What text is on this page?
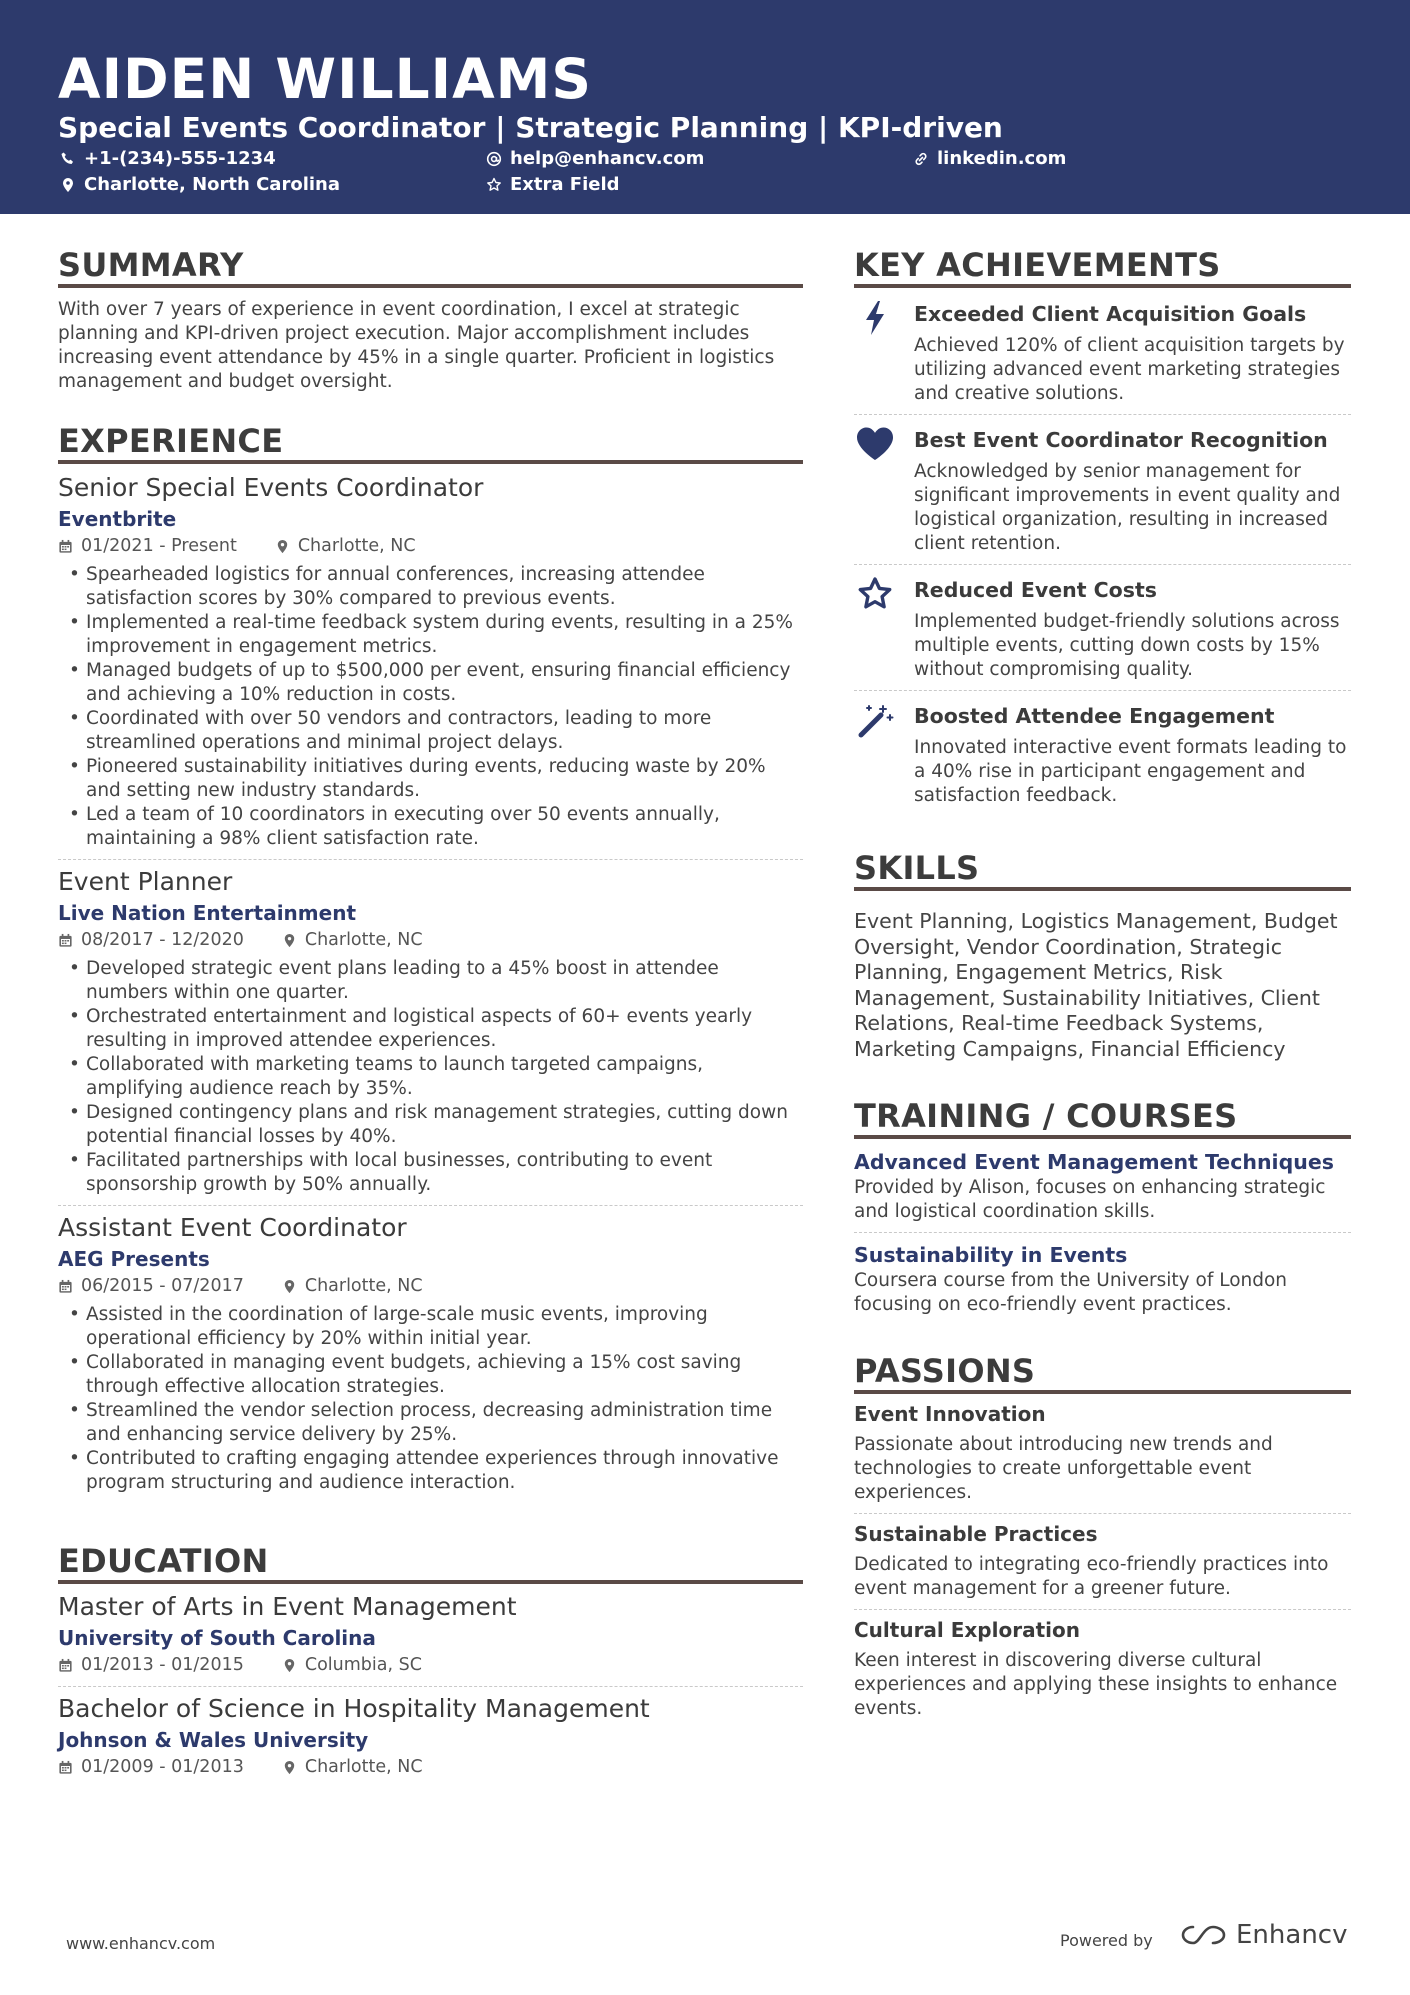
AIDEN WILLIAMS
Special Events Coordinator | Strategic Planning | KPI-driven
+1-(234)-555-1234	help@enhancv.com	linkedin.com
Charlotte, North Carolina	Extra Field
SUMMARY
With over 7 years of experience in event coordination, I excel at strategic planning and KPI-driven project execution. Major accomplishment includes increasing event attendance by 45% in a single quarter. Proficient in logistics management and budget oversight.
EXPERIENCE
Senior Special Events Coordinator
Eventbrite
01/2021 - Present	Charlotte, NC
• Spearheaded logistics for annual conferences, increasing attendee satisfaction scores by 30% compared to previous events.
• Implemented a real-time feedback system during events, resulting in a 25% improvement in engagement metrics.
• Managed budgets of up to $500,000 per event, ensuring financial efficiency and achieving a 10% reduction in costs.
• Coordinated with over 50 vendors and contractors, leading to more streamlined operations and minimal project delays.
• Pioneered sustainability initiatives during events, reducing waste by 20% and setting new industry standards.
• Led a team of 10 coordinators in executing over 50 events annually, maintaining a 98% client satisfaction rate.
Event Planner
Live Nation Entertainment
08/2017 - 12/2020	Charlotte, NC
• Developed strategic event plans leading to a 45% boost in attendee numbers within one quarter.
• Orchestrated entertainment and logistical aspects of 60+ events yearly resulting in improved attendee experiences.
• Collaborated with marketing teams to launch targeted campaigns, amplifying audience reach by 35%.
• Designed contingency plans and risk management strategies, cutting down potential financial losses by 40%.
• Facilitated partnerships with local businesses, contributing to event sponsorship growth by 50% annually.
Assistant Event Coordinator
AEG Presents
06/2015 - 07/2017	Charlotte, NC
• Assisted in the coordination of large-scale music events, improving operational efficiency by 20% within initial year.
• Collaborated in managing event budgets, achieving a 15% cost saving through effective allocation strategies.
• Streamlined the vendor selection process, decreasing administration time and enhancing service delivery by 25%.
• Contributed to crafting engaging attendee experiences through innovative program structuring and audience interaction.
EDUCATION
Master of Arts in Event Management
University of South Carolina
01/2013 - 01/2015	Columbia, SC
Bachelor of Science in Hospitality Management
Johnson & Wales University
01/2009 - 01/2013	Charlotte, NC
KEY ACHIEVEMENTS
Exceeded Client Acquisition Goals
Achieved 120% of client acquisition targets by utilizing advanced event marketing strategies and creative solutions.
Best Event Coordinator Recognition
Acknowledged by senior management for significant improvements in event quality and logistical organization, resulting in increased client retention.
Reduced Event Costs
Implemented budget-friendly solutions across multiple events, cutting down costs by 15% without compromising quality.
Boosted Attendee Engagement
Innovated interactive event formats leading to a 40% rise in participant engagement and satisfaction feedback.
SKILLS
Event Planning, Logistics Management, Budget Oversight, Vendor Coordination, Strategic Planning, Engagement Metrics, Risk Management, Sustainability Initiatives, Client Relations, Real-time Feedback Systems, Marketing Campaigns, Financial Efficiency
TRAINING / COURSES
Advanced Event Management Techniques
Provided by Alison, focuses on enhancing strategic and logistical coordination skills.
Sustainability in Events
Coursera course from the University of London focusing on eco-friendly event practices.
PASSIONS
Event Innovation
Passionate about introducing new trends and technologies to create unforgettable event experiences.
Sustainable Practices
Dedicated to integrating eco-friendly practices into event management for a greener future.
Cultural Exploration
Keen interest in discovering diverse cultural experiences and applying these insights to enhance events.
www.enhancv.com	Powered by	Enhancv
